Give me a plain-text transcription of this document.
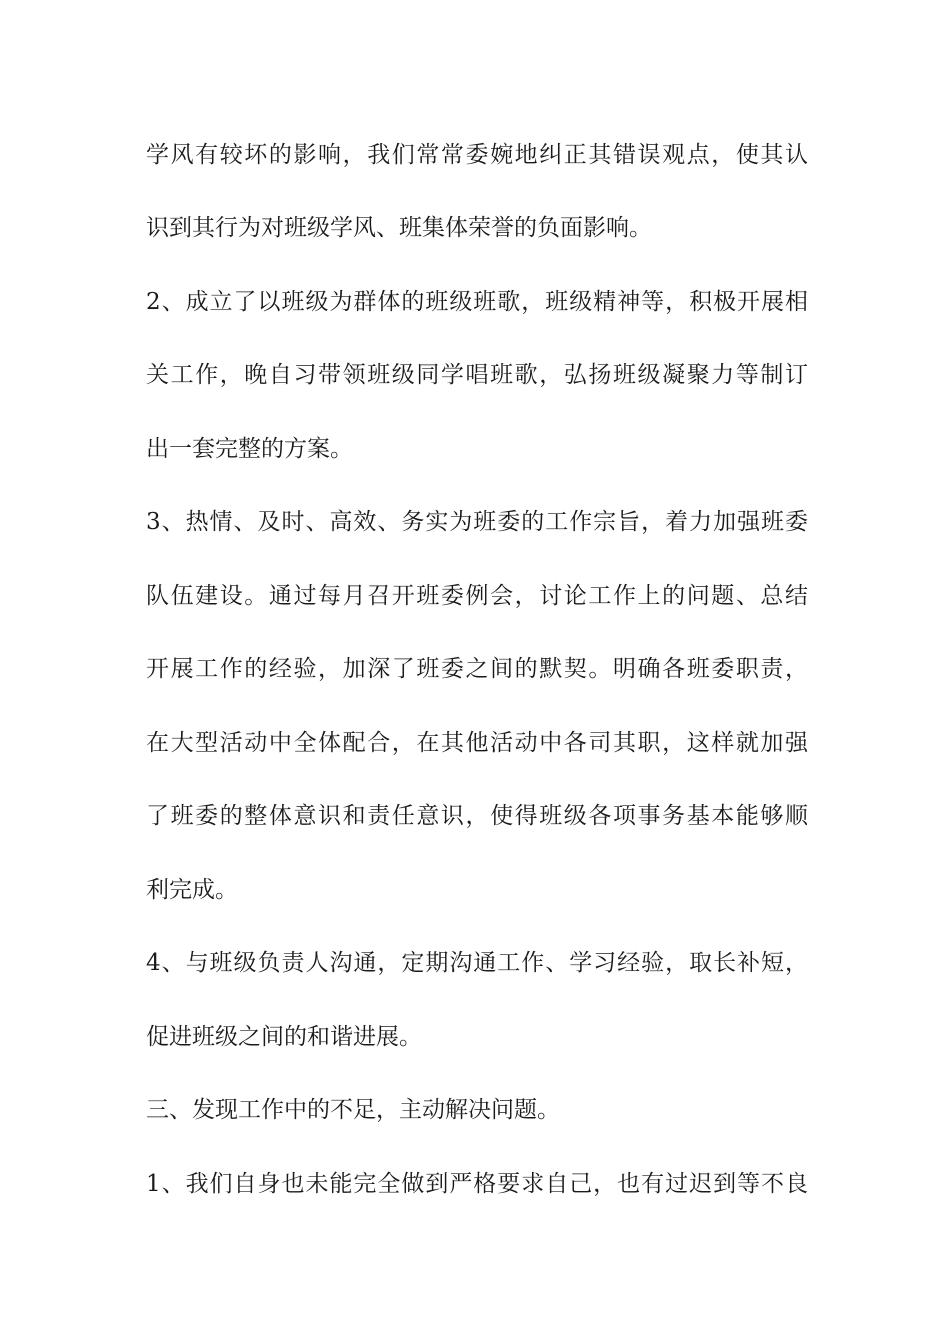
学风有较坏的影响，我们常常委婉地纠正其错误观点，使其认
识到其行为对班级学风、班集体荣誉的负面影响。
2、成立了以班级为群体的班级班歌，班级精神等，积极开展相
关工作，晚自习带领班级同学唱班歌，弘扬班级凝聚力等制订
出一套完整的方案。
3、热情、及时、高效、务实为班委的工作宗旨，着力加强班委
队伍建设。通过每月召开班委例会，讨论工作上的问题、总结
开展工作的经验，加深了班委之间的默契。明确各班委职责，
在大型活动中全体配合，在其他活动中各司其职，这样就加强
了班委的整体意识和责任意识，使得班级各项事务基本能够顺
利完成。
4、与班级负责人沟通，定期沟通工作、学习经验，取长补短，
促进班级之间的和谐进展。
三、发现工作中的不足，主动解决问题。
1、我们自身也未能完全做到严格要求自己，也有过迟到等不良
